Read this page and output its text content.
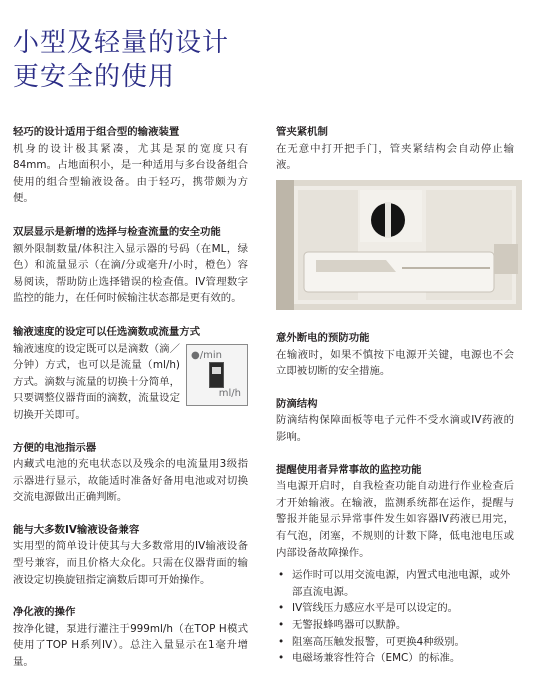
小型及轻量的设计
更安全的使用
轻巧的设计适用于组合型的输液装置

机身的设计极其紧凑，尤其是泵的宽度只有84mm。占地面积小，是一种适用与多台设备组合使用的组合型输液设备。由于轻巧，携带颇为方便。

双层显示是新增的选择与检查流量的安全功能

额外限制数量/体积注入显示器的号码（在ML，绿色）和流量显示（在滴/分或毫升/小时，橙色）容易阅读，帮助防止选择错误的检查值。IV管理数字监控的能力，在任何时候输注状态都是更有效的。

输液速度的设定可以任选滴数或流量方式

●/min
ml/h
输液速度的设定既可以是滴数（滴／分钟）方式，也可以是流量（ml/h)方式。滴数与流量的切换十分简单，只要调整仪器背面的滴数，流量设定切换开关即可。

方便的电池指示器

内藏式电池的充电状态以及残余的电流量用3级指示器进行显示，故能适时准备好备用电池或对切换交流电源做出正确判断。

能与大多数IV输液设备兼容

实用型的简单设计使其与大多数常用的IV输液设备型号兼容，而且价格大众化。只需在仪器背面的输液设定切换旋钮指定滴数后即可开始操作。

净化液的操作

按净化键，泵进行灌注于999ml/h（在TOP H模式使用了TOP H系列IV）。总注入量显示在1毫升增量。

管夹紧机制

在无意中打开把手门，管夹紧结构会自动停止输液。

意外断电的预防功能

在输液时，如果不慎按下电源开关键，电源也不会立即被切断的安全措施。

防滴结构

防滴结构保障面板等电子元件不受水滴或IV药液的影响。

提醒使用者异常事故的监控功能

当电源开启时，自我检查功能自动进行作业检查后才开始输液。在输液，监测系统都在运作，提醒与警报并能显示异常事件发生如容器IV药液已用完，有气泡，闭塞，不规则的计数下降，低电池电压或内部设备故障操作。

• 运作时可以用交流电源，内置式电池电源，或外部直流电源。
• IV管线压力感应水平是可以设定的。
• 无警报蜂鸣器可以默静。
• 阻塞高压触发报警，可更换4种级别。
• 电磁场兼容性符合（EMC）的标准。
